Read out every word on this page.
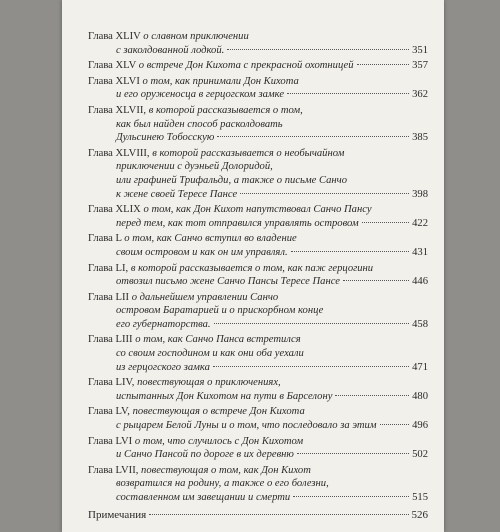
Глава XLIV о славном приключении
с заколдованной лодкой.	351
Глава XLV о встрече Дон Кихота с прекрасной охотницей	357
Глава XLVI о том, как принимали Дон Кихота
и его оруженосца в герцогском замке	362
Глава XLVII, в которой рассказывается о том,
как был найден способ расколдовать
Дульсинею Тобосскую	385
Глава XLVIII, в которой рассказывается о необычайном
приключении с дуэньей Долоридой,
или графиней Трифальди, а также о письме Санчо
к жене своей Тересе Пансе	398
Глава XLIX о том, как Дон Кихот напутствовал Санчо Пансу
перед тем, как тот отправился управлять островом	422
Глава L о том, как Санчо вступил во владение
своим островом и как он им управлял.	431
Глава LI, в которой рассказывается о том, как паж герцогини
отвозил письмо жене Санчо Пансы Тересе Пансе	446
Глава LII о дальнейшем управлении Санчо
островом Баратарией и о прискорбном конце
его губернаторства.	458
Глава LIII о том, как Санчо Панса встретился
со своим господином и как они оба уехали
из герцогского замка	471
Глава LIV, повествующая о приключениях,
испытанных Дон Кихотом на пути в Барселону	480
Глава LV, повествующая о встрече Дон Кихота
с рыцарем Белой Луны и о том, что последовало за этим	496
Глава LVI о том, что случилось с Дон Кихотом
и Санчо Пансой по дороге в их деревню	502
Глава LVII, повествующая о том, как Дон Кихот
возвратился на родину, а также о его болезни,
составленном им завещании и смерти	515
Примечания	526
